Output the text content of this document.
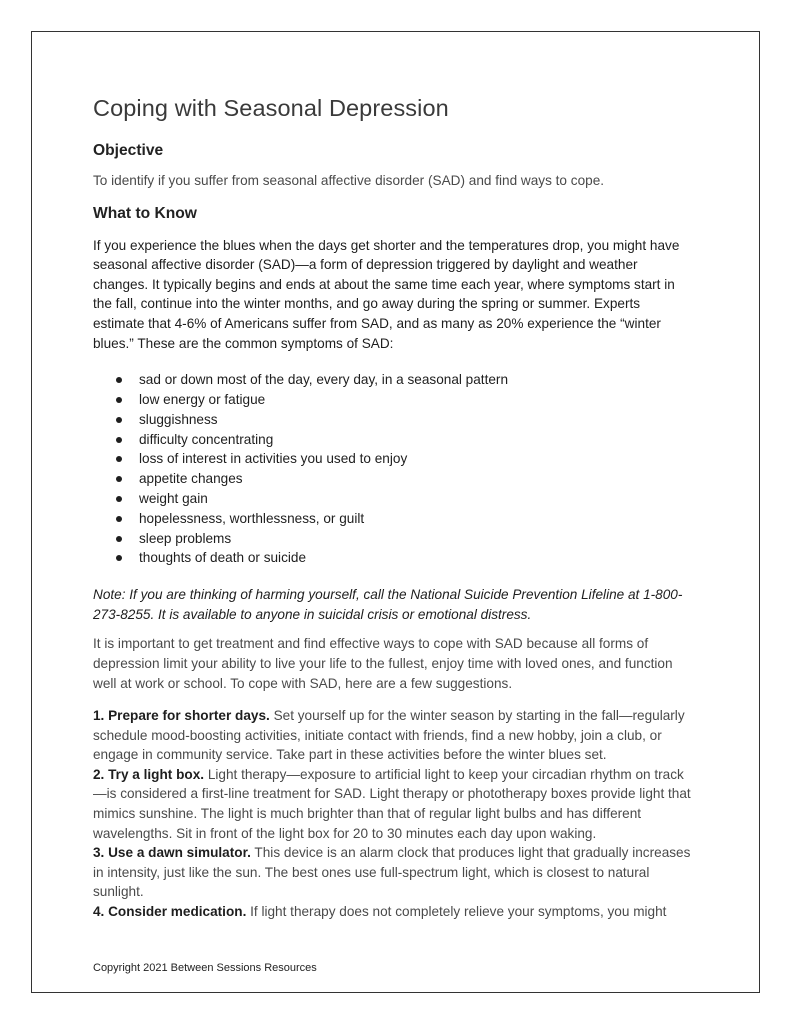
Coping with Seasonal Depression
Objective

To identify if you suffer from seasonal affective disorder (SAD) and find ways to cope.

What to Know

If you experience the blues when the days get shorter and the temperatures drop, you might have seasonal affective disorder (SAD)—a form of depression triggered by daylight and weather changes. It typically begins and ends at about the same time each year, where symptoms start in the fall, continue into the winter months, and go away during the spring or summer. Experts estimate that 4-6% of Americans suffer from SAD, and as many as 20% experience the “winter blues.” These are the common symptoms of SAD:

sad or down most of the day, every day, in a seasonal pattern
low energy or fatigue
sluggishness
difficulty concentrating
loss of interest in activities you used to enjoy
appetite changes
weight gain
hopelessness, worthlessness, or guilt
sleep problems
thoughts of death or suicide

Note: If you are thinking of harming yourself, call the National Suicide Prevention Lifeline at 1-800-273-8255. It is available to anyone in suicidal crisis or emotional distress.

It is important to get treatment and find effective ways to cope with SAD because all forms of depression limit your ability to live your life to the fullest, enjoy time with loved ones, and function well at work or school. To cope with SAD, here are a few suggestions.

1. Prepare for shorter days. Set yourself up for the winter season by starting in the fall—regularly schedule mood-boosting activities, initiate contact with friends, find a new hobby, join a club, or engage in community service. Take part in these activities before the winter blues set.

2. Try a light box. Light therapy—exposure to artificial light to keep your circadian rhythm on track—is considered a first-line treatment for SAD. Light therapy or phototherapy boxes provide light that mimics sunshine. The light is much brighter than that of regular light bulbs and has different wavelengths. Sit in front of the light box for 20 to 30 minutes each day upon waking.

3. Use a dawn simulator. This device is an alarm clock that produces light that gradually increases in intensity, just like the sun. The best ones use full-spectrum light, which is closest to natural sunlight.

4. Consider medication. If light therapy does not completely relieve your symptoms, you might

Copyright 2021 Between Sessions Resources
